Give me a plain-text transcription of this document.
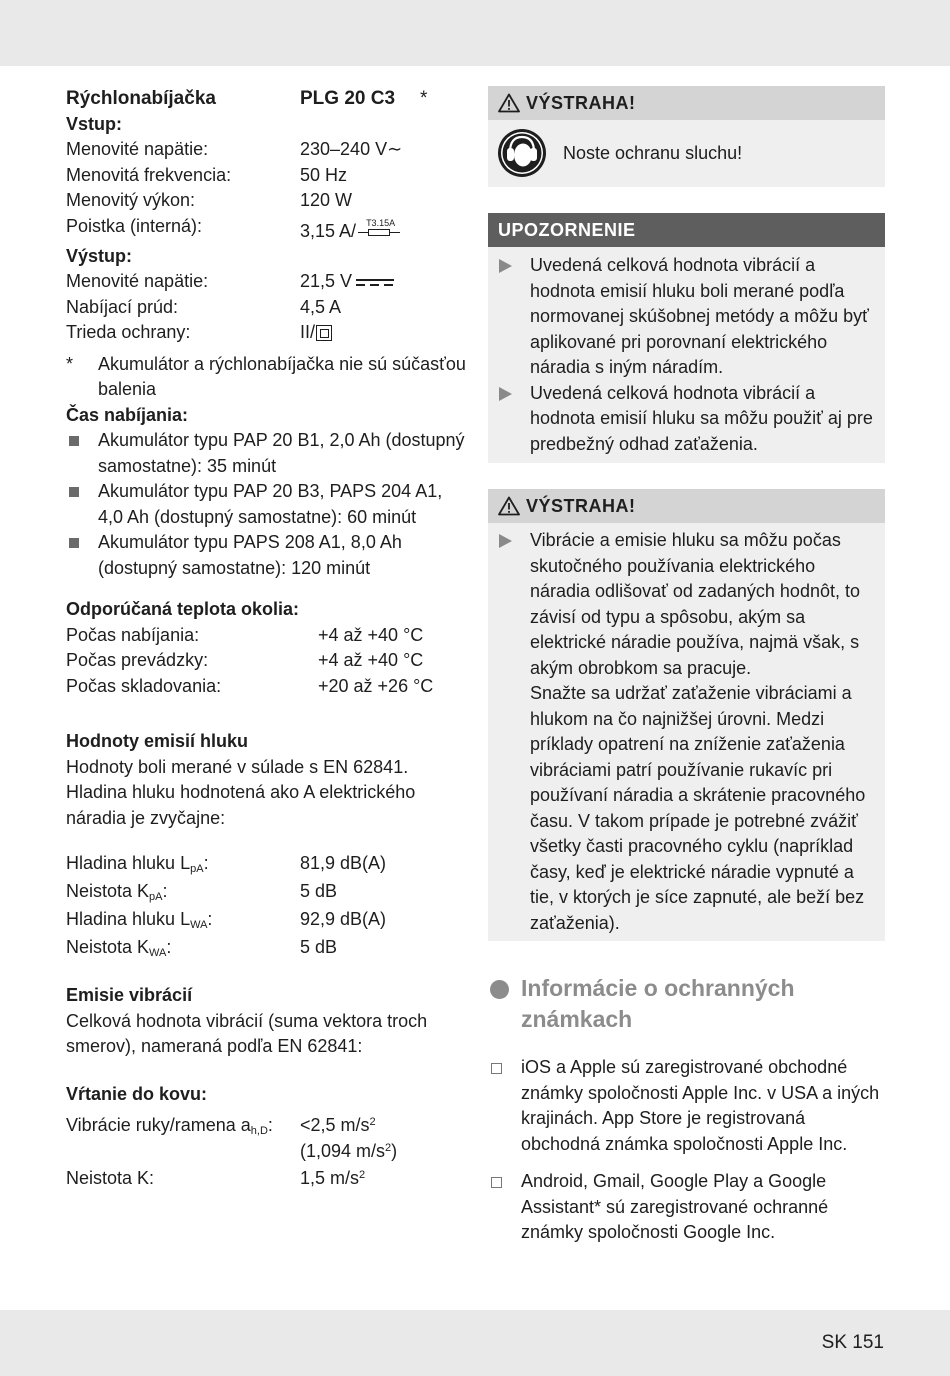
Rýchlonabíjačka	PLG 20 C3 *
Vstup:
Menovité napätie:	230–240 V∼
Menovitá frekvencia:	50 Hz
Menovitý výkon:	120 W
Poistka (interná):	3,15 A/ T3.15A
Výstup:
Menovité napätie:	21,5 V
Nabíjací prúd:	4,5 A
Trieda ochrany:	II/
* Akumulátor a rýchlonabíjačka nie sú súčasťou balenia
Čas nabíjania:
Akumulátor typu PAP 20 B1, 2,0 Ah (dostupný samostatne): 35 minút
Akumulátor typu PAP 20 B3, PAPS 204 A1, 4,0 Ah (dostupný samostatne): 60 minút
Akumulátor typu PAPS 208 A1, 8,0 Ah (dostupný samostatne): 120 minút
Odporúčaná teplota okolia:
Počas nabíjania:	+4 až +40 °C
Počas prevádzky:	+4 až +40 °C
Počas skladovania:	+20 až +26 °C
Hodnoty emisií hluku
Hodnoty boli merané v súlade s EN 62841. Hladina hluku hodnotená ako A elektrického náradia je zvyčajne:
Hladina hluku $L_{pA}$:	81,9 dB(A)
Neistota $K_{pA}$:	5 dB
Hladina hluku $L_{WA}$:	92,9 dB(A)
Neistota $K_{WA}$:	5 dB
Emisie vibrácií
Celková hodnota vibrácií (suma vektora troch smerov), nameraná podľa EN 62841:
Vŕtanie do kovu:
Vibrácie ruky/ramena $a_{h,D}$: <2,5 $m/s^2$
(1,094 $m/s^2$)
Neistota K:	1,5 $m/s^2$
VÝSTRAHA!
Noste ochranu sluchu!
UPOZORNENIE
Uvedená celková hodnota vibrácií a hodnota emisií hluku boli merané podľa normovanej skúšobnej metódy a môžu byť aplikované pri porovnaní elektrického náradia s iným náradím.
Uvedená celková hodnota vibrácií a hodnota emisií hluku sa môžu použiť aj pre predbežný odhad zaťaženia.
VÝSTRAHA!
Vibrácie a emisie hluku sa môžu počas skutočného používania elektrického náradia odlišovať od zadaných hodnôt, to závisí od typu a spôsobu, akým sa elektrické náradie používa, najmä však, s akým obrobkom sa pracuje.
Snažte sa udržať zaťaženie vibráciami a hlukom na čo najnižšej úrovni. Medzi príklady opatrení na zníženie zaťaženia vibráciami patrí používanie rukavíc pri používaní náradia a skrátenie pracovného času. V takom prípade je potrebné zvážiť všetky časti pracovného cyklu (napríklad časy, keď je elektrické náradie vypnuté a tie, v ktorých je síce zapnuté, ale beží bez zaťaženia).
Informácie o ochranných známkach
iOS a Apple sú zaregistrované obchodné známky spoločnosti Apple Inc. v USA a iných krajinách. App Store je registrovaná obchodná známka spoločnosti Apple Inc.
Android, Gmail, Google Play a Google Assistant* sú zaregistrované ochranné známky spoločnosti Google Inc.
SK 151
